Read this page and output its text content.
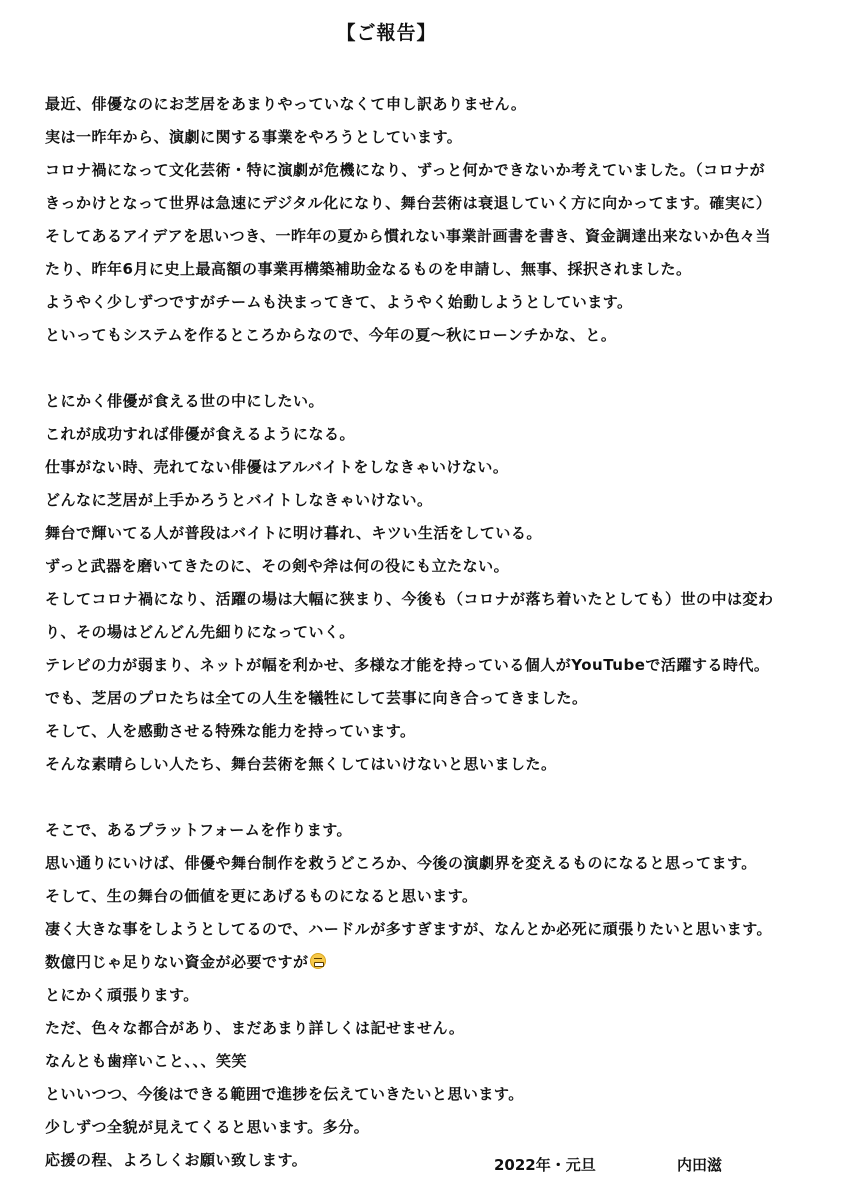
【ご報告】
最近、俳優なのにお芝居をあまりやっていなくて申し訳ありません。
実は一昨年から、演劇に関する事業をやろうとしています。
コロナ禍になって文化芸術・特に演劇が危機になり、ずっと何かできないか考えていました。（コロナが
きっかけとなって世界は急速にデジタル化になり、舞台芸術は衰退していく方に向かってます。確実に）
そしてあるアイデアを思いつき、一昨年の夏から慣れない事業計画書を書き、資金調達出来ないか色々当
たり、昨年6月に史上最高額の事業再構築補助金なるものを申請し、無事、採択されました。
ようやく少しずつですがチームも決まってきて、ようやく始動しようとしています。
といってもシステムを作るところからなので、今年の夏〜秋にローンチかな、と。
とにかく俳優が食える世の中にしたい。
これが成功すれば俳優が食えるようになる。
仕事がない時、売れてない俳優はアルバイトをしなきゃいけない。
どんなに芝居が上手かろうとバイトしなきゃいけない。
舞台で輝いてる人が普段はバイトに明け暮れ、キツい生活をしている。
ずっと武器を磨いてきたのに、その剣や斧は何の役にも立たない。
そしてコロナ禍になり、活躍の場は大幅に狭まり、今後も（コロナが落ち着いたとしても）世の中は変わ
り、その場はどんどん先細りになっていく。
テレビの力が弱まり、ネットが幅を利かせ、多様な才能を持っている個人がYouTubeで活躍する時代。
でも、芝居のプロたちは全ての人生を犠牲にして芸事に向き合ってきました。
そして、人を感動させる特殊な能力を持っています。
そんな素晴らしい人たち、舞台芸術を無くしてはいけないと思いました。
そこで、あるプラットフォームを作ります。
思い通りにいけば、俳優や舞台制作を救うどころか、今後の演劇界を変えるものになると思ってます。
そして、生の舞台の価値を更にあげるものになると思います。
凄く大きな事をしようとしてるので、ハードルが多すぎますが、なんとか必死に頑張りたいと思います。
数億円じゃ足りない資金が必要ですが
とにかく頑張ります。
ただ、色々な都合があり、まだあまり詳しくは記せません。
なんとも歯痒いこと、、、笑笑
といいつつ、今後はできる範囲で進捗を伝えていきたいと思います。
少しずつ全貌が見えてくると思います。多分。
応援の程、よろしくお願い致します。	2022年・元旦	内田滋
